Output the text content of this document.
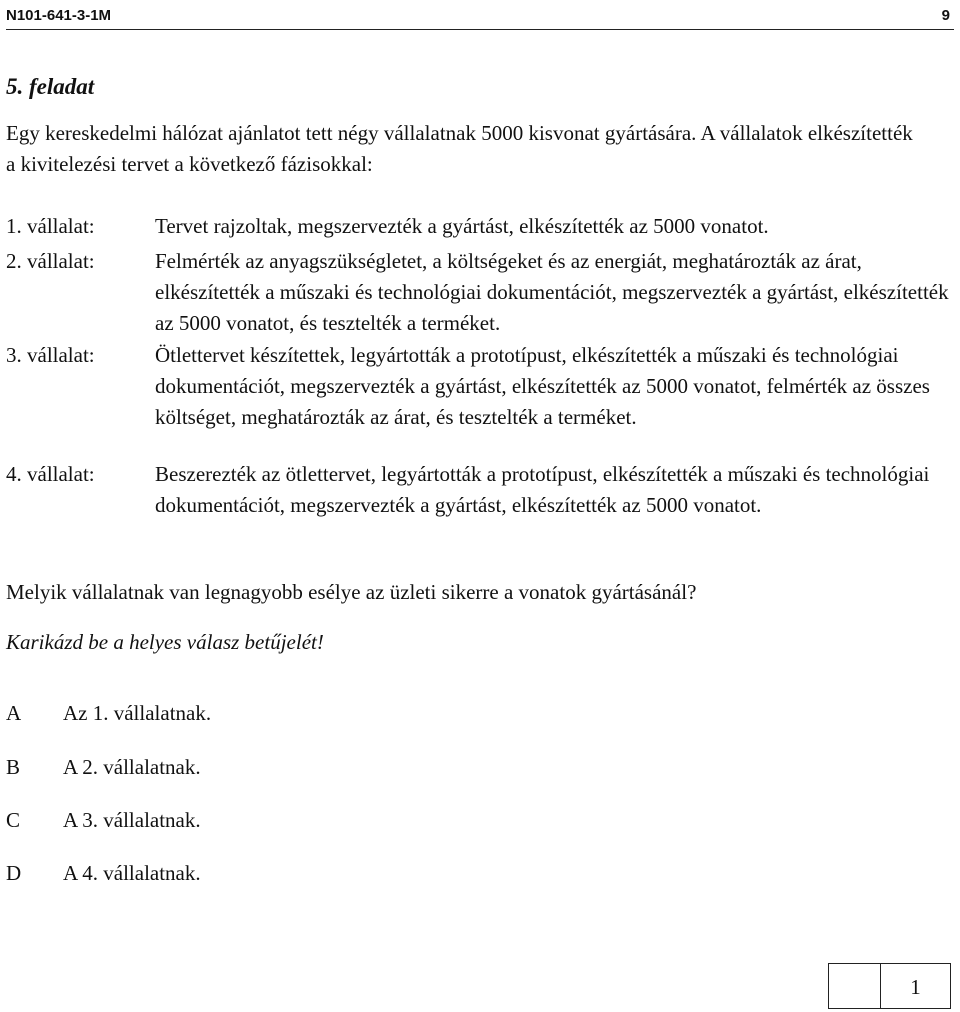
N101-641-3-1M	9
5. feladat
Egy kereskedelmi hálózat ajánlatot tett négy vállalatnak 5000 kisvonat gyártására. A vállalatok elkészítették a kivitelezési tervet a következő fázisokkal:
1. vállalat:	Tervet rajzoltak, megszervezték a gyártást, elkészítették az 5000 vonatot.
2. vállalat:	Felmérték az anyagszükségletet, a költségeket és az energiát, meghatározták az árat, elkészítették a műszaki és technológiai dokumentációt, megszervezték a gyártást, elkészítették az 5000 vonatot, és tesztelték a terméket.
3. vállalat:	Ötlettervet készítettek, legyártották a prototípust, elkészítették a műszaki és technológiai dokumentációt, megszervezték a gyártást, elkészítették az 5000 vonatot, felmérték az összes költséget, meghatározták az árat, és tesztelték a terméket.
4. vállalat:	Beszerezték az ötlettervet, legyártották a prototípust, elkészítették a műszaki és technológiai dokumentációt, megszervezték a gyártást, elkészítették az 5000 vonatot.
Melyik vállalatnak van legnagyobb esélye az üzleti sikerre a vonatok gyártásánál?
Karikázd be a helyes válasz betűjelét!
A Az 1. vállalatnak.
B A 2. vállalatnak.
C A 3. vállalatnak.
D A 4. vállalatnak.
1
